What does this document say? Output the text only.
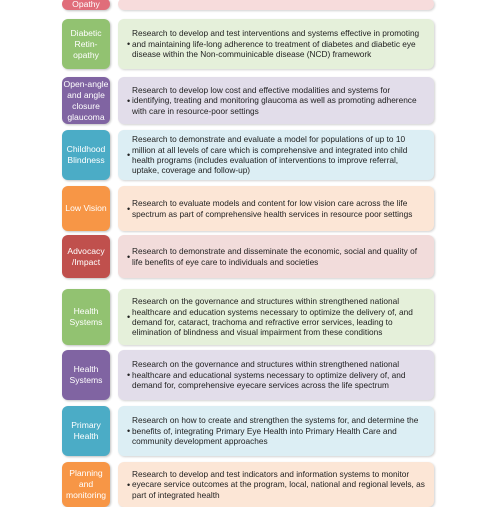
Opathy
Diabetic Retin-opathy
•
Research to develop and test interventions and systems effective in promoting and maintaining life-long adherence to treatment of diabetes and diabetic eye disease within the Non-commuinicable disease (NCD) framework
Open-angle and angle closure glaucoma
•
Research to develop low cost and effective modalities and systems for identifying, treating and monitoring glaucoma as well as promoting adherence with care in resource-poor settings
Childhood Blindness
•
Research to demonstrate and evaluate a model for populations of up to 10 million at all levels of care which is comprehensive and integrated into child health programs (includes evaluation of interventions to improve referral, uptake, coverage and follow-up)
Low Vision	•
Research to evaluate models and content for low vision care across the life spectrum as part of comprehensive health services in resource poor settings
Advocacy /Impact
•
Research to demonstrate and disseminate the economic, social and quality of life benefits of eye care to individuals and societies
Health Systems
•
Research on the governance and structures within strengthened national healthcare and education systems necessary to optimize the delivery of, and demand for, cataract, trachoma and refractive error services, leading to elimination of blindness and visual impairment from these conditions
Health Systems
•
Research on the governance and structures within strengthened national healthcare and educational systems necessary to optimize delivery of, and demand for, comprehensive eyecare services across the life spectrum
Primary Health
•
Research on how to create and strengthen the systems for, and determine the benefits of, integrating Primary Eye Health into Primary Health Care and community development approaches
Planning and monitoring
•
Research to develop and test indicators and information systems to monitor eyecare service outcomes at the program, local, national and regional levels, as part of integrated health
